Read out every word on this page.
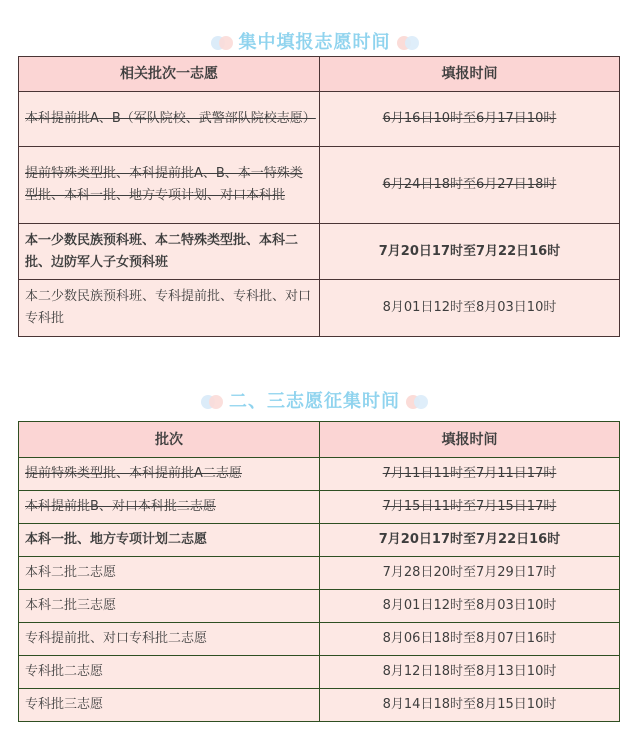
集中填报志愿时间
相关批次一志愿	填报时间
本科提前批A、B（军队院校、武警部队院校志愿）	6月16日10时至6月17日10时
提前特殊类型批、本科提前批A、B、本一特殊类型批、本科一批、地方专项计划、对口本科批	6月24日18时至6月27日18时
本一少数民族预科班、本二特殊类型批、本科二批、边防军人子女预科班	7月20日17时至7月22日16时
本二少数民族预科班、专科提前批、专科批、对口专科批	8月01日12时至8月03日10时
二、三志愿征集时间
批次	填报时间
提前特殊类型批、本科提前批A二志愿	7月11日11时至7月11日17时
本科提前批B、对口本科批二志愿	7月15日11时至7月15日17时
本科一批、地方专项计划二志愿	7月20日17时至7月22日16时
本科二批二志愿	7月28日20时至7月29日17时
本科二批三志愿	8月01日12时至8月03日10时
专科提前批、对口专科批二志愿	8月06日18时至8月07日16时
专科批二志愿	8月12日18时至8月13日10时
专科批三志愿	8月14日18时至8月15日10时
